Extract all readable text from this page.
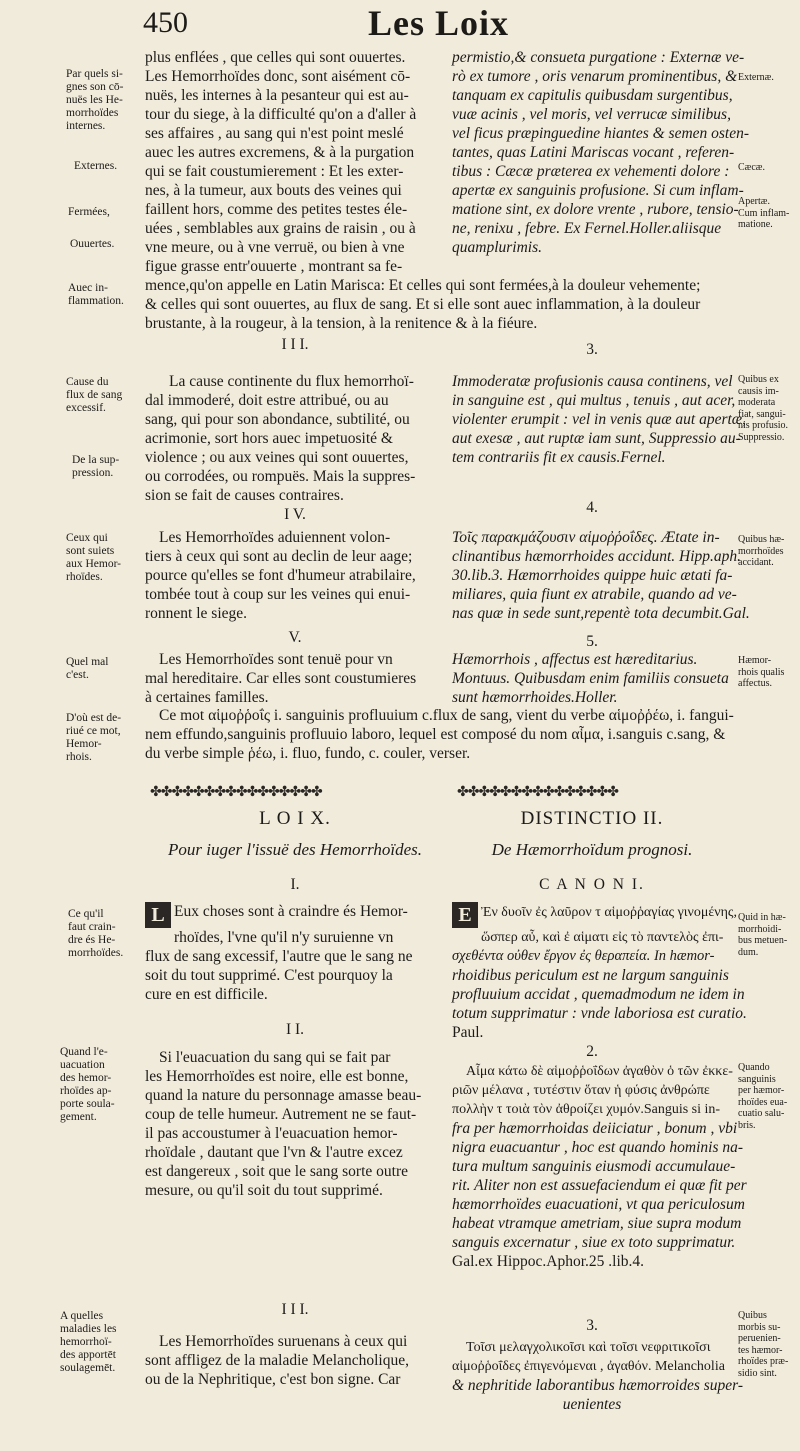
450	Les Loix
plus enflées , que celles qui sont ouuertes.
Les Hemorrhoïdes donc, sont aisément cō-
nuës, les internes à la pesanteur qui est au-
tour du siege, à la difficulté qu'on a d'aller à
ses affaires , au sang qui n'est point meslé
auec les autres excremens, & à la purgation
qui se fait coustumierement : Et les exter-
nes, à la tumeur, aux bouts des veines qui
faillent hors, comme des petites testes éle-
uées , semblables aux grains de raisin , ou à
vne meure, ou à vne verruë, ou bien à vne
figue grasse entr'ouuerte , montrant sa fe-
Par quels si-
gnes son cō-
nuës les He-
morrhoïdes
internes.
Externes.
Fermées,
Ouuertes.
permistio,& consueta purgatione : Externæ ve-
rò ex tumore , oris venarum prominentibus, &
tanquam ex capitulis quibusdam surgentibus,
vuæ acinis , vel moris, vel verrucæ similibus,
vel ficus præpinguedine hiantes & semen osten-
tantes, quas Latini Mariscas vocant , referen-
tibus : Cæcæ præterea ex vehementi dolore :
apertæ ex sanguinis profusione. Si cum inflam-
matione sint, ex dolore vrente , rubore, tensio-
ne, renixu , febre. Ex Fernel.Holler.aliisque
quamplurimis.
Externæ.
Cæcæ.
Apertæ.
Cum inflam-
matione.
mence,qu'on appelle en Latin Marisca: Et celles qui sont fermées,à la douleur vehemente;
& celles qui sont ouuertes, au flux de sang. Et si elle sont auec inflammation, à la douleur
brustante, à la rougeur, à la tension, à la renitence & à la fiéure.
Auec in-
flammation.
I I I.	3.
La cause continente du flux hemorrhoï-
dal immoderé, doit estre attribué, ou au
sang, qui pour son abondance, subtilité, ou
acrimonie, sort hors auec impetuosité &
violence ; ou aux veines qui sont ouuertes,
ou corrodées, ou rompuës. Mais la suppres-
sion se fait de causes contraires.
Cause du
flux de sang
excessif.
De la sup-
pression.
Immoderatæ profusionis causa continens, vel
in sanguine est , qui multus , tenuis , aut acer,
violenter erumpit : vel in venis quæ aut apertæ,
aut exesæ , aut ruptæ iam sunt, Suppressio au-
tem contrariis fit ex causis.Fernel.
Quibus ex
causis im-
moderata
fiat, sangui-
nis profusio.
Suppressio.
I V.	4.
Les Hemorrhoïdes aduiennent volon-
tiers à ceux qui sont au declin de leur aage;
pource qu'elles se font d'humeur atrabilaire,
tombée tout à coup sur les veines qui enui-
ronnent le siege.
Ceux qui
sont suiets
aux Hemor-
rhoïdes.
Τοῖς παρακμάζουσιν αἱμοῤῥοΐδες. Ætate in-
clinantibus hæmorrhoides accidunt. Hipp.aph.
30.lib.3. Hæmorrhoides quippe huic ætati fa-
miliares, quia fiunt ex atrabile, quando ad ve-
nas quæ in sede sunt,repentè tota decumbit.Gal.
Quibus hæ-
morrhoïdes
accidant.
V.	5.
Les Hemorrhoïdes sont tenuë pour vn
mal hereditaire. Car elles sont coustumieres
à certaines familles.
Quel mal
c'est.
Hæmorrhois , affectus est hæreditarius.
Montuus. Quibusdam enim familiis consueta
sunt hæmorrhoides.Holler.
Hæmor-
rhois qualis
affectus.
Ce mot αἱμοῤῥοΐς i. sanguinis profluuium c.flux de sang, vient du verbe αἱμοῤῥέω, i. fangui-
nem effundo,sanguinis profluuio laboro, lequel est composé du nom αἷμα, i.sanguis c.sang, &
du verbe simple ῥέω, i. fluo, fundo, c. couler, verser.
D'où est de-
riué ce mot,
Hemor-
rhois.
✤✤✤✤✤✤✤✤✤✤✤✤✤✤✤✤	✤✤✤✤✤✤✤✤✤✤✤✤✤✤✤
L O I X.	DISTINCTIO II.
Pour iuger l'issuë des Hemorrhoïdes.	De Hæmorrhoïdum prognosi.
I.	C A N O N I.
L Eux choses sont à craindre és Hemor-
rhoïdes, l'vne qu'il n'y suruienne vn
flux de sang excessif, l'autre que le sang ne
soit du tout supprimé. C'est pourquoy la
cure en est difficile.
Ce qu'il
faut crain-
dre és He-
morrhoïdes.
E Ἐν δυοῖν ἐς λαῦρον τ αἱμοῤῥαγίας γινομένης,
ὥσπερ αὖ, καὶ ἐ αἱματι εἰς τὸ παντελὸς ἐπι-
σχεθέντα οὐθεν ἔργον ἐς θεραπεία. In hæmor-
rhoidibus periculum est ne largum sanguinis
profluuium accidat , quemadmodum ne idem in
totum supprimatur : vnde laboriosa est curatio.
Paul.
Quid in hæ-
morrhoidi-
bus metuen-
dum.
I I.
2.
Si l'euacuation du sang qui se fait par
les Hemorrhoïdes est noire, elle est bonne,
quand la nature du personnage amasse beau-
coup de telle humeur. Autrement ne se faut-
il pas accoustumer à l'euacuation hemor-
rhoïdale , dautant que l'vn & l'autre excez
est dangereux , soit que le sang sorte outre
mesure, ou qu'il soit du tout supprimé.
Quand l'e-
uacuation
des hemor-
rhoïdes ap-
porte soula-
gement.
Αἷμα κάτω δὲ αἱμοῤῥοΐδων ἀγαθὸν ὁ τῶν ἐκκε-
ριῶν μέλανα , τυτέστιν ὅταν ἡ φύσις ἀνθρώπε
πολλὴν τ τοιὰ τὸν ἀθροίζει χυμόν.Sanguis si in-
fra per hæmorrhoidas deiiciatur , bonum , vbi
nigra euacuantur , hoc est quando hominis na-
tura multum sanguinis eiusmodi accumulaue-
rit. Aliter non est assuefaciendum ei quæ fit per
hæmorrhoïdes euacuationi, vt qua periculosum
habeat vtramque ametriam, siue supra modum
sanguis excernatur , siue ex toto supprimatur.
Gal.ex Hippoc.Aphor.25 .lib.4.
Quando
sanguinis
per hæmor-
rhoïdes eua-
cuatio salu-
bris.
I I I.
3.
Les Hemorrhoïdes suruenans à ceux qui
sont affligez de la maladie Melancholique,
ou de la Nephritique, c'est bon signe. Car
A quelles
maladies les
hemorrhoï-
des apportēt
soulagemēt.
Τοῖσι μελαγχολικοῖσι καὶ τοῖσι νεφριτικοῖσι
αἱμοῤῥοΐδες ἐπιγενόμεναι , ἀγαθόν. Melancholia
& nephritide laborantibus hæmorroides super-
uenientes
Quibus
morbis su-
peruenien-
tes hæmor-
rhoïdes præ-
sidio sint.
